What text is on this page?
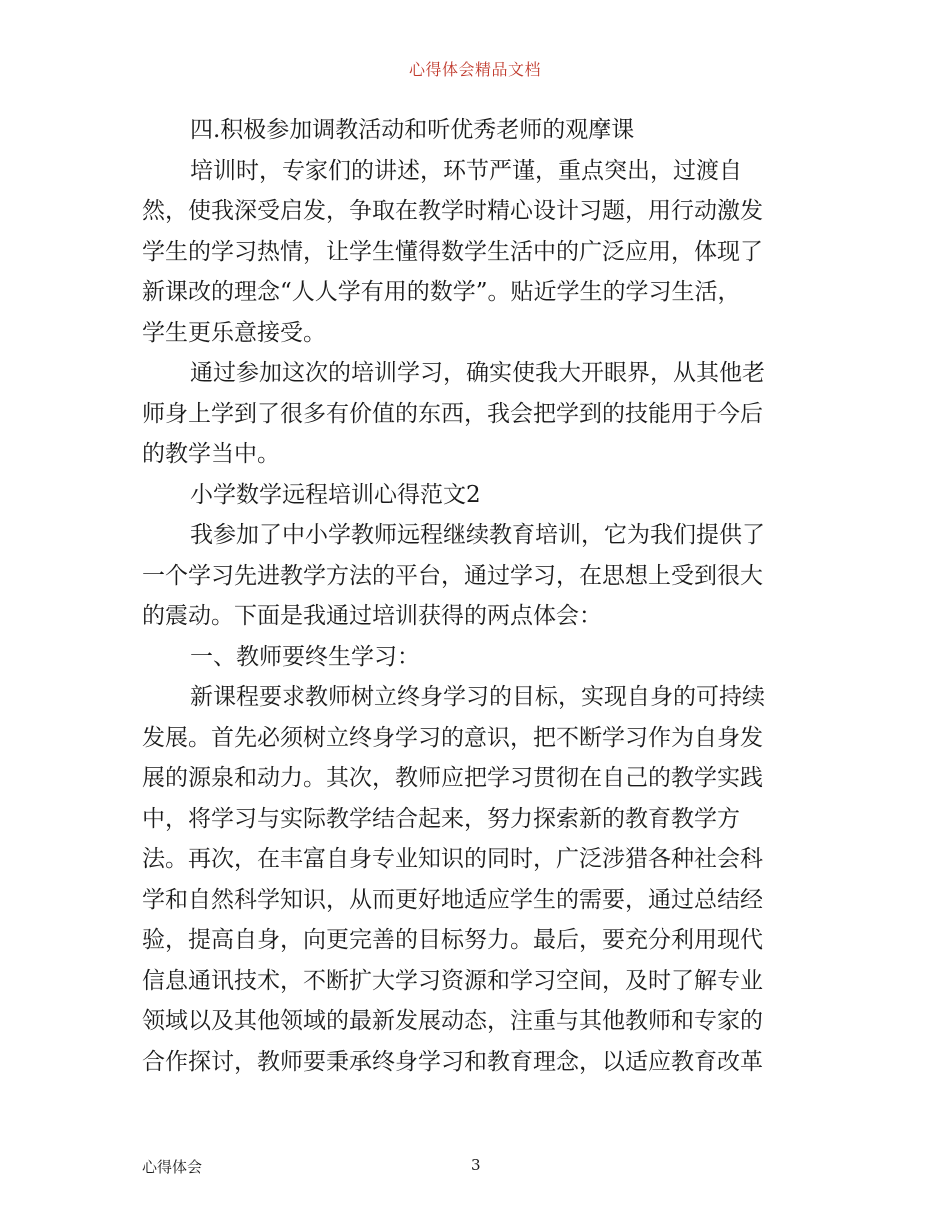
心得体会精品文档
四.积极参加调教活动和听优秀老师的观摩课
培训时，专家们的讲述，环节严谨，重点突出，过渡自
然，使我深受启发，争取在教学时精心设计习题，用行动激发
学生的学习热情，让学生懂得数学生活中的广泛应用，体现了
新课改的理念“人人学有用的数学”。贴近学生的学习生活，
学生更乐意接受。
通过参加这次的培训学习，确实使我大开眼界，从其他老
师身上学到了很多有价值的东西，我会把学到的技能用于今后
的教学当中。
小学数学远程培训心得范文2
我参加了中小学教师远程继续教育培训，它为我们提供了
一个学习先进教学方法的平台，通过学习，在思想上受到很大
的震动。下面是我通过培训获得的两点体会：
一、教师要终生学习：
新课程要求教师树立终身学习的目标，实现自身的可持续
发展。首先必须树立终身学习的意识，把不断学习作为自身发
展的源泉和动力。其次，教师应把学习贯彻在自己的教学实践
中，将学习与实际教学结合起来，努力探索新的教育教学方
法。再次，在丰富自身专业知识的同时，广泛涉猎各种社会科
学和自然科学知识，从而更好地适应学生的需要，通过总结经
验，提高自身，向更完善的目标努力。最后，要充分利用现代
信息通讯技术，不断扩大学习资源和学习空间，及时了解专业
领域以及其他领域的最新发展动态，注重与其他教师和专家的
合作探讨，教师要秉承终身学习和教育理念，以适应教育改革
心得体会	3
